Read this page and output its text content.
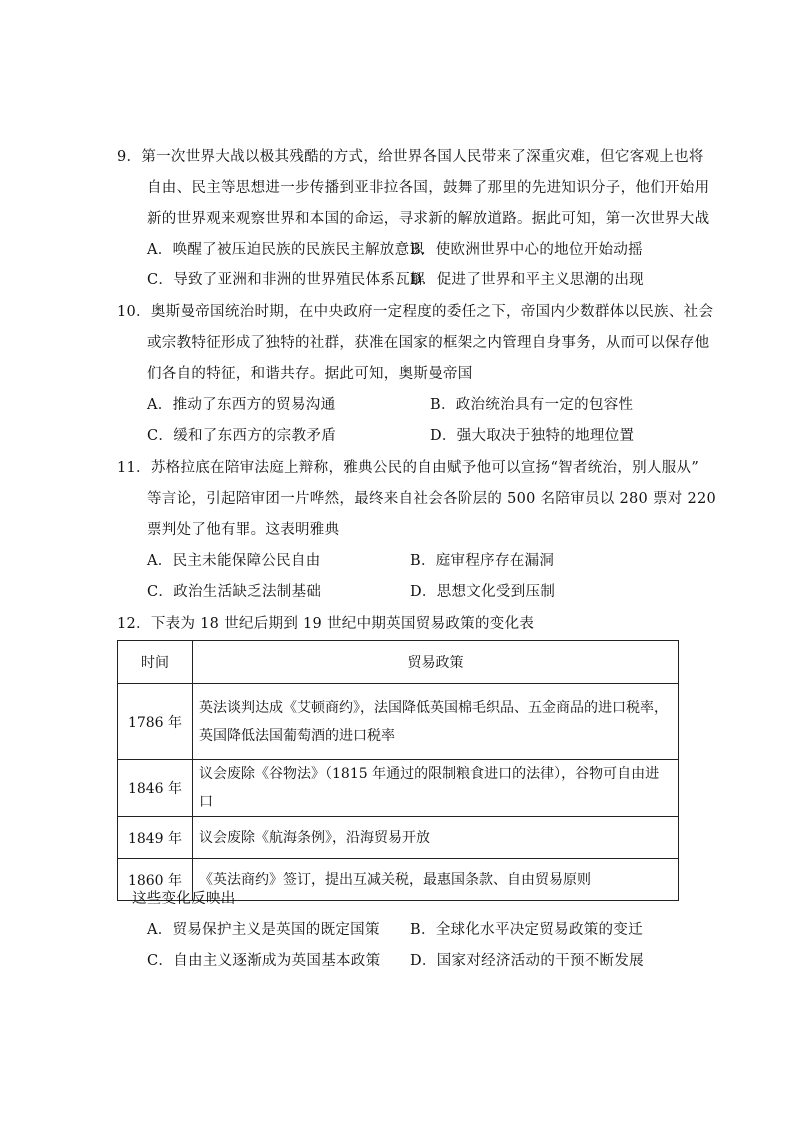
9．第一次世界大战以极其残酷的方式，给世界各国人民带来了深重灾难，但它客观上也将
自由、民主等思想进一步传播到亚非拉各国，鼓舞了那里的先进知识分子，他们开始用
新的世界观来观察世界和本国的命运，寻求新的解放道路。据此可知，第一次世界大战
A．唤醒了被压迫民族的民族民主解放意识
B．使欧洲世界中心的地位开始动摇
C．导致了亚洲和非洲的世界殖民体系瓦解
D．促进了世界和平主义思潮的出现
10．奥斯曼帝国统治时期，在中央政府一定程度的委任之下，帝国内少数群体以民族、社会
或宗教特征形成了独特的社群，获准在国家的框架之内管理自身事务，从而可以保存他
们各自的特征，和谐共存。据此可知，奥斯曼帝国
A．推动了东西方的贸易沟通	B．政治统治具有一定的包容性
C．缓和了东西方的宗教矛盾	D．强大取决于独特的地理位置
11．苏格拉底在陪审法庭上辩称，雅典公民的自由赋予他可以宣扬“智者统治，别人服从”
等言论，引起陪审团一片哗然，最终来自社会各阶层的 500 名陪审员以 280 票对 220
票判处了他有罪。这表明雅典
A．民主未能保障公民自由	B．庭审程序存在漏洞
C．政治生活缺乏法制基础	D．思想文化受到压制
12．下表为 18 世纪后期到 19 世纪中期英国贸易政策的变化表
时间	贸易政策
1786 年	英法谈判达成《艾顿商约》，法国降低英国棉毛织品、五金商品的进口税率，
英国降低法国葡萄酒的进口税率

1846 年	议会废除《谷物法》（1815 年通过的限制粮食进口的法律），谷物可自由进口

1849 年	议会废除《航海条例》，沿海贸易开放

1860 年	《英法商约》签订，提出互减关税，最惠国条款、自由贸易原则
这些变化反映出
A．贸易保护主义是英国的既定国策 B．全球化水平决定贸易政策的变迁
C．自由主义逐渐成为英国基本政策 D．国家对经济活动的干预不断发展
